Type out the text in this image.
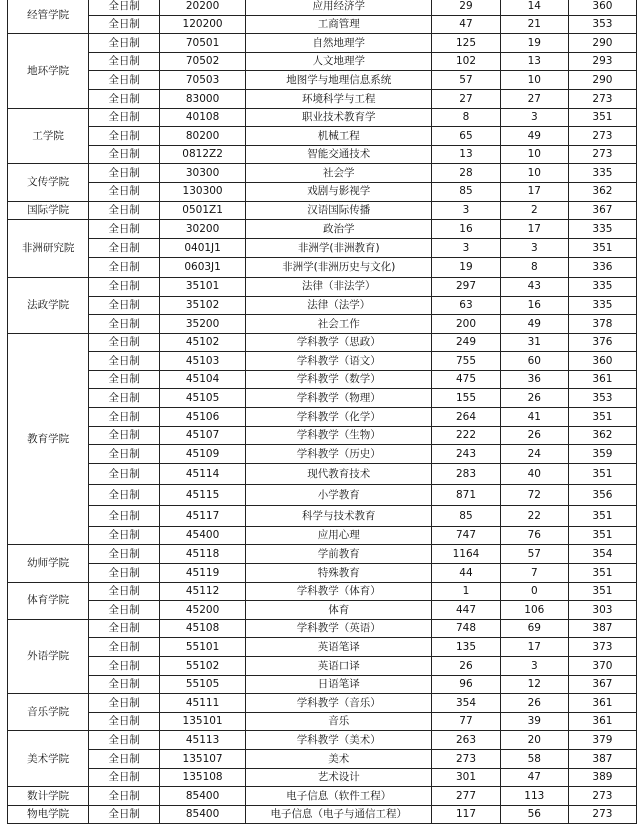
经管学院	全日制	20200	应用经济学	29	14	360
	全日制	120200	工商管理	47	21	353
地环学院	全日制	70501	自然地理学	125	19	290
	全日制	70502	人文地理学	102	13	293
	全日制	70503	地图学与地理信息系统	57	10	290
	全日制	83000	环境科学与工程	27	27	273
工学院	全日制	40108	职业技术教育学	8	3	351
	全日制	80200	机械工程	65	49	273
	全日制	0812Z2	智能交通技术	13	10	273
文传学院	全日制	30300	社会学	28	10	335
	全日制	130300	戏剧与影视学	85	17	362
国际学院	全日制	0501Z1	汉语国际传播	3	2	367
非洲研究院	全日制	30200	政治学	16	17	335
	全日制	0401J1	非洲学(非洲教育)	3	3	351
	全日制	0603J1	非洲学(非洲历史与文化)	19	8	336
法政学院	全日制	35101	法律（非法学）	297	43	335
	全日制	35102	法律（法学）	63	16	335
	全日制	35200	社会工作	200	49	378
教育学院	全日制	45102	学科教学（思政）	249	31	376
	全日制	45103	学科教学（语文）	755	60	360
	全日制	45104	学科教学（数学）	475	36	361
	全日制	45105	学科教学（物理）	155	26	353
	全日制	45106	学科教学（化学）	264	41	351
	全日制	45107	学科教学（生物）	222	26	362
	全日制	45109	学科教学（历史）	243	24	359
	全日制	45114	现代教育技术	283	40	351
	全日制	45115	小学教育	871	72	356
	全日制	45117	科学与技术教育	85	22	351
	全日制	45400	应用心理	747	76	351
幼师学院	全日制	45118	学前教育	1164	57	354
	全日制	45119	特殊教育	44	7	351
体育学院	全日制	45112	学科教学（体育）	1	0	351
	全日制	45200	体育	447	106	303
外语学院	全日制	45108	学科教学（英语）	748	69	387
	全日制	55101	英语笔译	135	17	373
	全日制	55102	英语口译	26	3	370
	全日制	55105	日语笔译	96	12	367
音乐学院	全日制	45111	学科教学（音乐）	354	26	361
	全日制	135101	音乐	77	39	361
美术学院	全日制	45113	学科教学（美术）	263	20	379
	全日制	135107	美术	273	58	387
	全日制	135108	艺术设计	301	47	389
数计学院	全日制	85400	电子信息（软件工程）	277	113	273
物电学院	全日制	85400	电子信息（电子与通信工程）	117	56	273
